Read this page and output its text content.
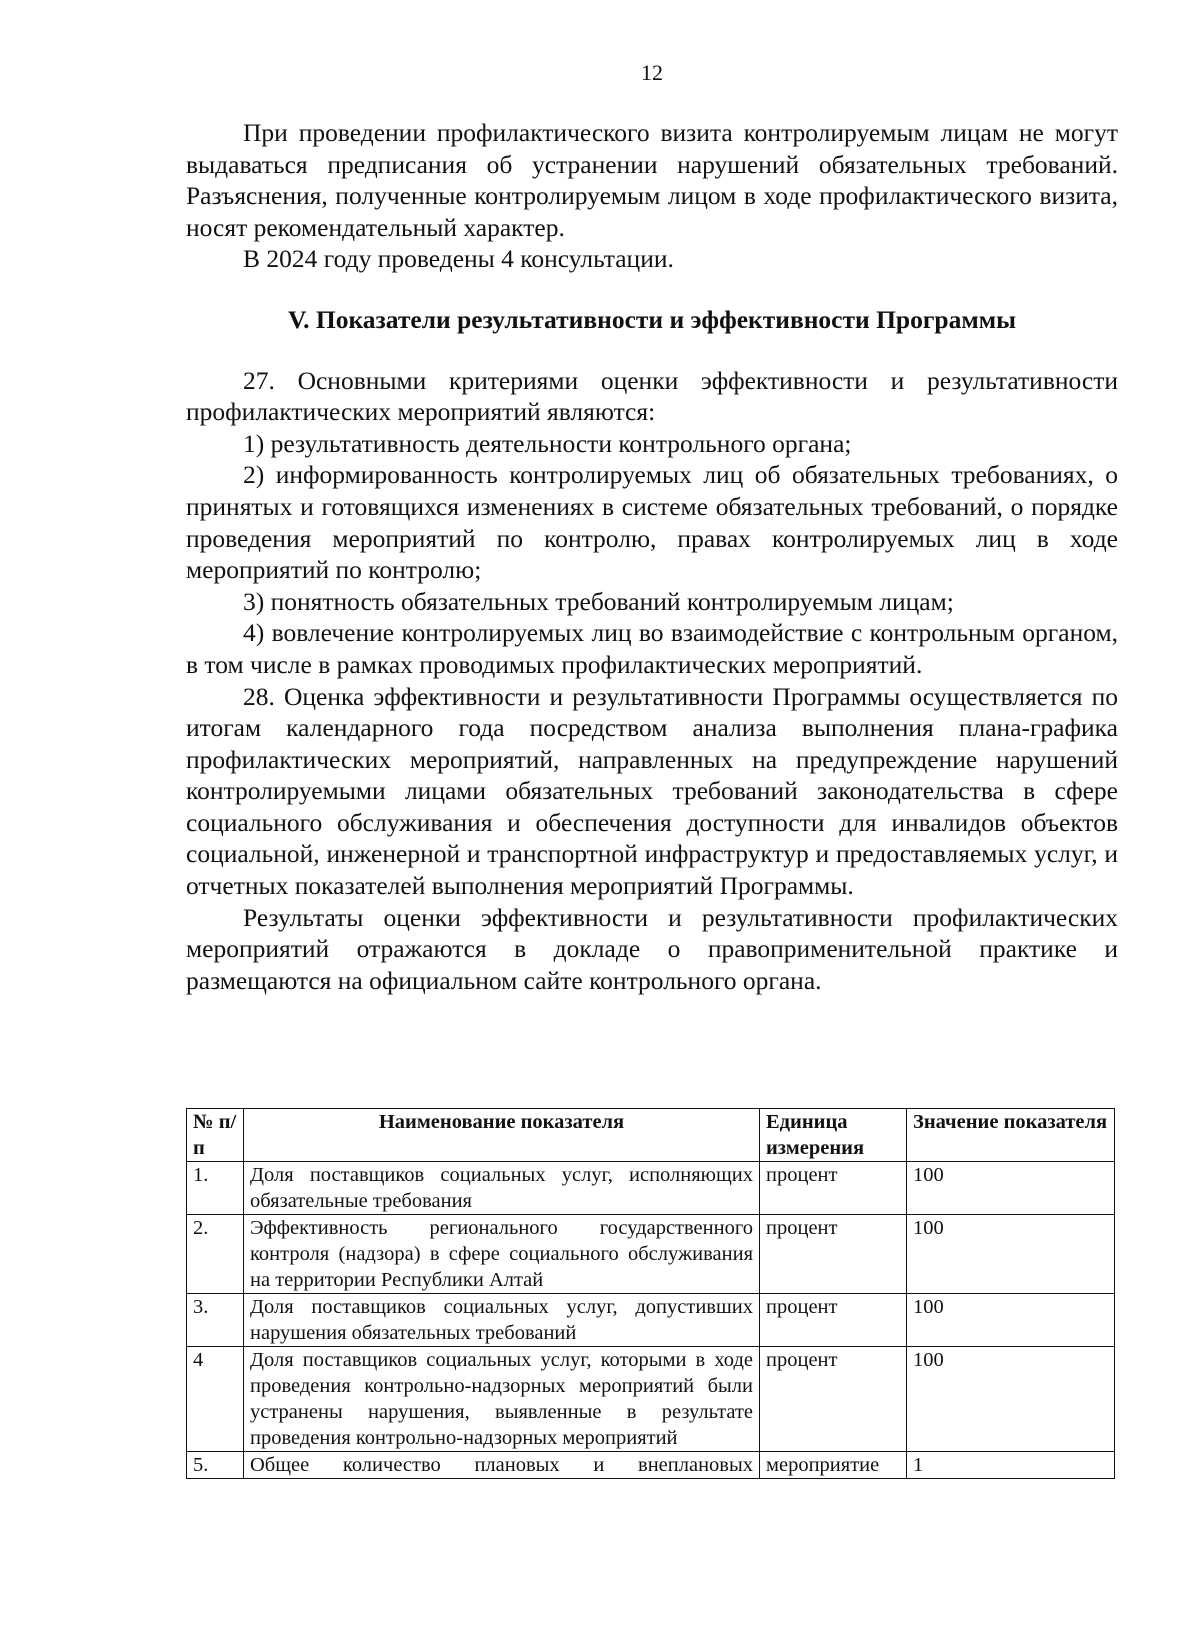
12

При проведении профилактического визита контролируемым лицам не могут выдаваться предписания об устранении нарушений обязательных требований. Разъяснения, полученные контролируемым лицом в ходе профилактического визита, носят рекомендательный характер.

В 2024 году проведены 4 консультации.

V. Показатели результативности и эффективности Программы

27. Основными критериями оценки эффективности и результативности профилактических мероприятий являются:

1) результативность деятельности контрольного органа;

2) информированность контролируемых лиц об обязательных требованиях, о принятых и готовящихся изменениях в системе обязательных требований, о порядке проведения мероприятий по контролю, правах контролируемых лиц в ходе мероприятий по контролю;

3) понятность обязательных требований контролируемым лицам;

4) вовлечение контролируемых лиц во взаимодействие с контрольным органом, в том числе в рамках проводимых профилактических мероприятий.

28. Оценка эффективности и результативности Программы осуществляется по итогам календарного года посредством анализа выполнения плана-графика профилактических мероприятий, направленных на предупреждение нарушений контролируемыми лицами обязательных требований законодательства в сфере социального обслуживания и обеспечения доступности для инвалидов объектов социальной, инженерной и транспортной инфраструктур и предоставляемых услуг, и отчетных показателей выполнения мероприятий Программы.

Результаты оценки эффективности и результативности профилактических мероприятий отражаются в докладе о правоприменительной практике и размещаются на официальном сайте контрольного органа.

№ п/п	Наименование показателя	Единица измерения	Значение показателя
1.	Доля поставщиков социальных услуг, исполняющих обязательные требования	процент	100
2.	Эффективность регионального государственного контроля (надзора) в сфере социального обслуживания на территории Республики Алтай	процент	100
3.	Доля поставщиков социальных услуг, допустивших нарушения обязательных требований	процент	100
4	Доля поставщиков социальных услуг, которыми в ходе проведения контрольно-надзорных мероприятий были устранены нарушения, выявленные в результате проведения контрольно-надзорных мероприятий	процент	100
5.	Общее количество плановых и внеплановых	мероприятие	1
